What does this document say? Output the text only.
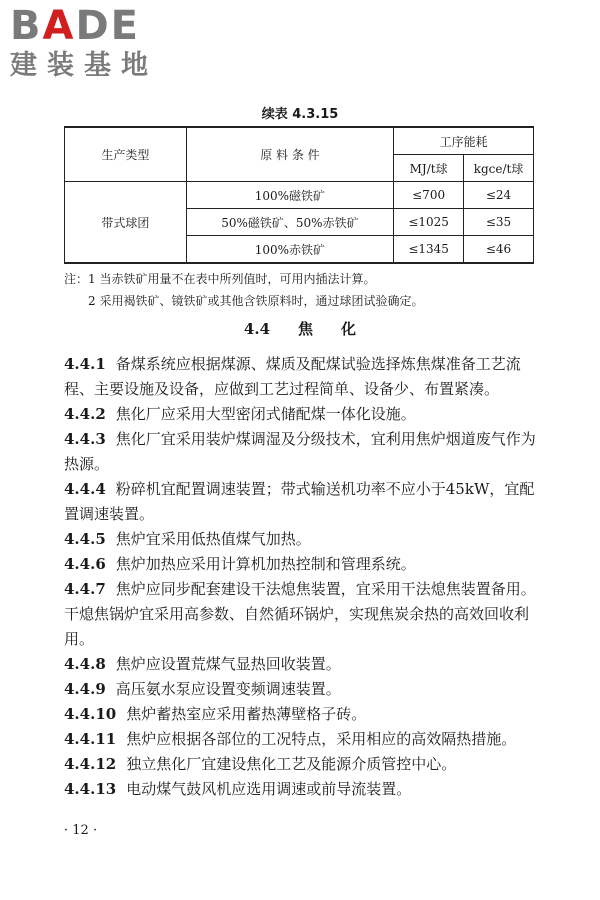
BADE
建装基地
续表 4.3.15
生产类型	原 料 条 件	工序能耗	
		MJ/t球	kgce/t球
带式球团	100%磁铁矿	≤700	≤24
	50%磁铁矿、50%赤铁矿	≤1025	≤35
	100%赤铁矿	≤1345	≤46
注：1 当赤铁矿用量不在表中所列值时，可用内插法计算。
2 采用褐铁矿、镜铁矿或其他含铁原料时，通过球团试验确定。
4.4 焦 化

4.4.1 备煤系统应根据煤源、煤质及配煤试验选择炼焦煤准备工艺流程、主要设施及设备，应做到工艺过程简单、设备少、布置紧凑。

4.4.2 焦化厂应采用大型密闭式储配煤一体化设施。

4.4.3 焦化厂宜采用装炉煤调湿及分级技术，宜利用焦炉烟道废气作为热源。

4.4.4 粉碎机宜配置调速装置；带式输送机功率不应小于45kW，宜配置调速装置。

4.4.5 焦炉宜采用低热值煤气加热。

4.4.6 焦炉加热应采用计算机加热控制和管理系统。

4.4.7 焦炉应同步配套建设干法熄焦装置，宜采用干法熄焦装置备用。干熄焦锅炉宜采用高参数、自然循环锅炉，实现焦炭余热的高效回收利用。

4.4.8 焦炉应设置荒煤气显热回收装置。

4.4.9 高压氨水泵应设置变频调速装置。

4.4.10 焦炉蓄热室应采用蓄热薄壁格子砖。

4.4.11 焦炉应根据各部位的工况特点，采用相应的高效隔热措施。

4.4.12 独立焦化厂宜建设焦化工艺及能源介质管控中心。

4.4.13 电动煤气鼓风机应选用调速或前导流装置。

· 12 ·
